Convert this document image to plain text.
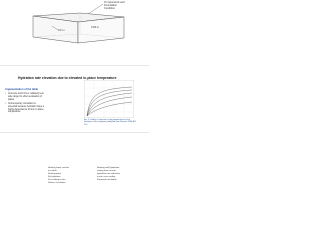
Or Geometric and
Foundation
Condition
0.6 m
0.05 m
Hydration rate elevation due to elevated in-place temperature
Argumentation of the table
• Concrete and form is relatively less safe range for effect evaluation of plates
• Contemporary simulation is essential because hydration have a highly dependence of time in-place temperature
Fig. 2.1 effect of concrete curing temperature on the formation of the hydration (adopted from Bennett 1960 ACI 2.0)
Heating lower section
in a draft
Starting point
No hydration
Pre-cooling in-situ
Surface insulation
Heating wall (hydration
setting time-current
hydration rate reduction
in-situ core cooling
Formwork insulation
